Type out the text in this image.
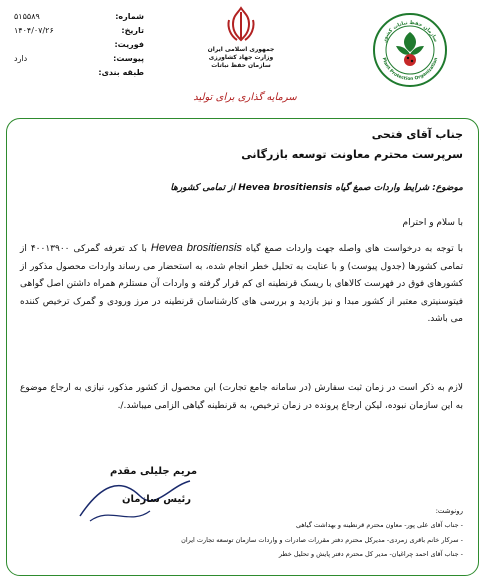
شماره:
۵۱۵۵۸۹
تاریخ:
۱۴۰۴/۰۷/۲۶
فوریت:
پیوست:
دارد
طبقه بندی:
جمهوری اسلامی ایران
وزارت جهاد کشاورزی
سازمان حفظ نباتات
سرمایه گذاری برای تولید
سازمان حفظ نباتات کشور
Plant Protection Organization
جناب آقای فتحی
سرپرست محترم معاونت توسعه بازرگانی
موضوع: شرایط واردات صمغ گیاه Hevea brositiensis از تمامی کشورها
با سلام و احترام
با توجه به درخواست های واصله جهت واردات صمغ گیاه Hevea brositiensis با کد تعرفه گمرکی ۴۰۰۱۳۹۰۰ از تمامی کشورها (جدول پیوست) و با عنایت به تحلیل خطر انجام شده، به استحضار می رساند واردات محصول مذکور از کشورهای فوق در فهرست کالاهای با ریسک قرنطینه ای کم قرار گرفته و واردات آن مستلزم همراه داشتن اصل گواهی فیتوسنیتری معتبر از کشور مبدا و نیز بازدید و بررسی های کارشناسان قرنطینه در مرز ورودی و گمرک ترخیص کننده می باشد.
لازم به ذکر است در زمان ثبت سفارش (در سامانه جامع تجارت) این محصول از کشور مذکور، نیازی به ارجاع موضوع به این سازمان نبوده، لیکن ارجاع پرونده در زمان ترخیص، به قرنطینه گیاهی الزامی میباشد./.
مریم جلیلی مقدم
رئیس سازمان
رونوشت:
- جناب آقای علی پور- معاون محترم قرنطینه و بهداشت گیاهی
- سرکار خانم باقری زمردی- مدیرکل محترم دفتر مقررات صادرات و واردات سازمان توسعه تجارت ایران
- جناب آقای احمد چراغیان- مدیر کل محترم دفتر پایش و تحلیل خطر
